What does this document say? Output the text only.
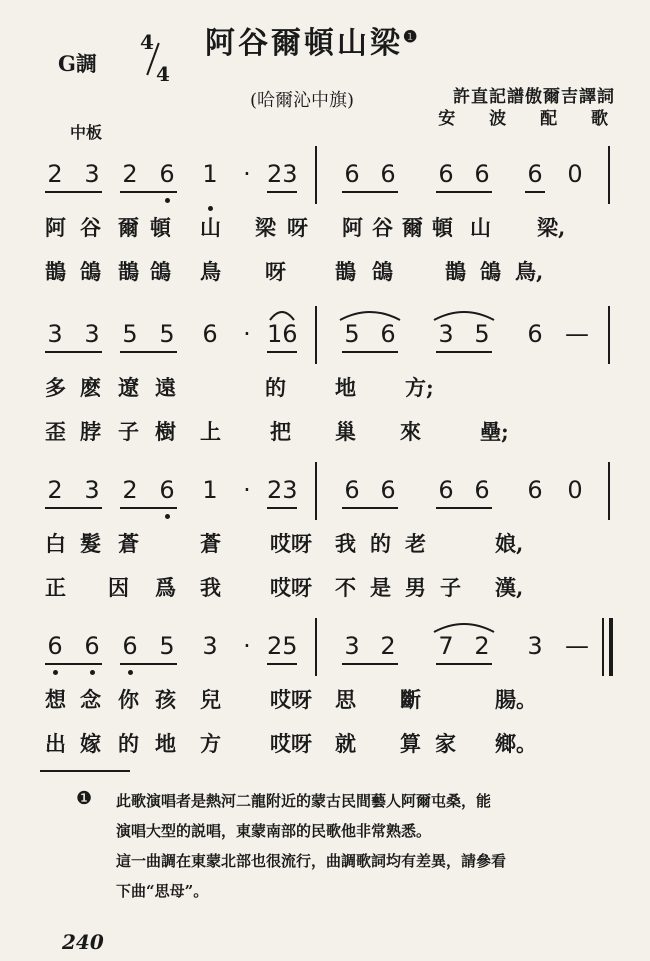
阿谷爾頓山梁$^❶$
G調
4
4
(哈爾沁中旗)	許直記譜傲爾吉譯詞
安 波 配 歌
中板
2 3 2 6 1 · 23 6 6 6 6 6 0
阿 谷 爾 頓 山 梁 呀 阿 谷 爾 頓 山 梁,
鵲 鴿 鵲 鴿 鳥 呀 鵲 鴿 鵲 鴿 鳥,
3 3 5 5 6 · 16 5 6 3 5 6 —
多 麽 遼 遠	的 地 方;
歪 脖 子 樹 上 把 巢 來	壘;
2 3 2 6 1 · 23 6 6 6 6 6 0
白 髮 蒼	蒼 哎呀 我 的 老	娘,
正 因 爲 我 哎呀 不 是 男 子 漢,
6 6 6 5 3 · 25 3 2 7 2 3 —
想 念 你 孩 兒 哎呀 思 斷	腸。
出 嫁 的 地 方 哎呀 就 算 家 鄉。
❶ 此歌演唱者是熱河二龍附近的蒙古民間藝人阿爾屯桑，能
演唱大型的説唱，東蒙南部的民歌他非常熟悉。
這一曲調在東蒙北部也很流行，曲調歌詞均有差異，請參看
下曲“思母”。
240
